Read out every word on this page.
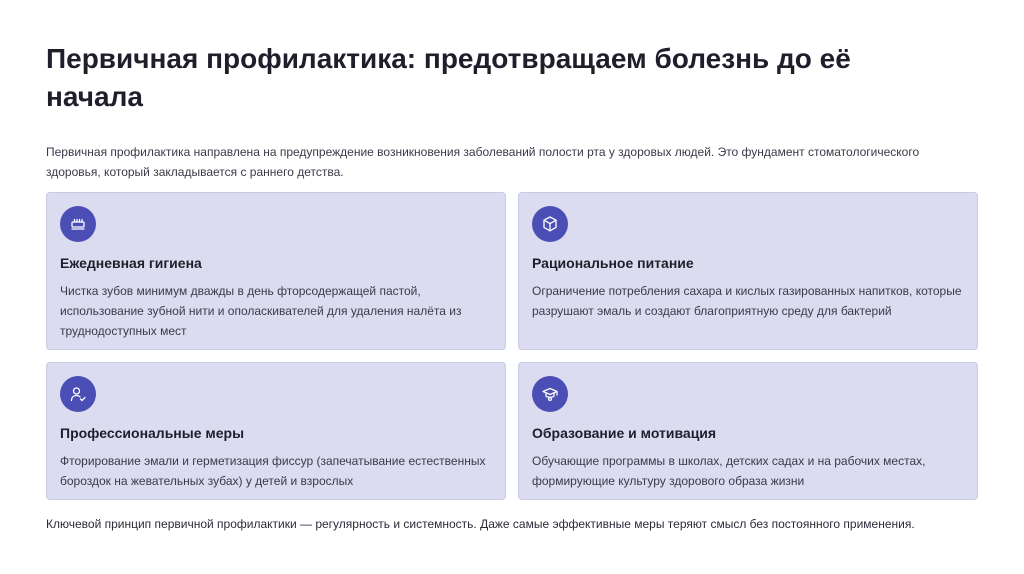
Первичная профилактика: предотвращаем болезнь до её начала

Первичная профилактика направлена на предупреждение возникновения заболеваний полости рта у здоровых людей. Это фундамент стоматологического здоровья, который закладывается с раннего детства.

Ежедневная гигиена
Чистка зубов минимум дважды в день фторсодержащей пастой, использование зубной нити и ополаскивателей для удаления налёта из труднодоступных мест
Рациональное питание
Ограничение потребления сахара и кислых газированных напитков, которые разрушают эмаль и создают благоприятную среду для бактерий
Профессиональные меры
Фторирование эмали и герметизация фиссур (запечатывание естественных бороздок на жевательных зубах) у детей и взрослых
Образование и мотивация
Обучающие программы в школах, детских садах и на рабочих местах, формирующие культуру здорового образа жизни

Ключевой принцип первичной профилактики — регулярность и системность. Даже самые эффективные меры теряют смысл без постоянного применения.
